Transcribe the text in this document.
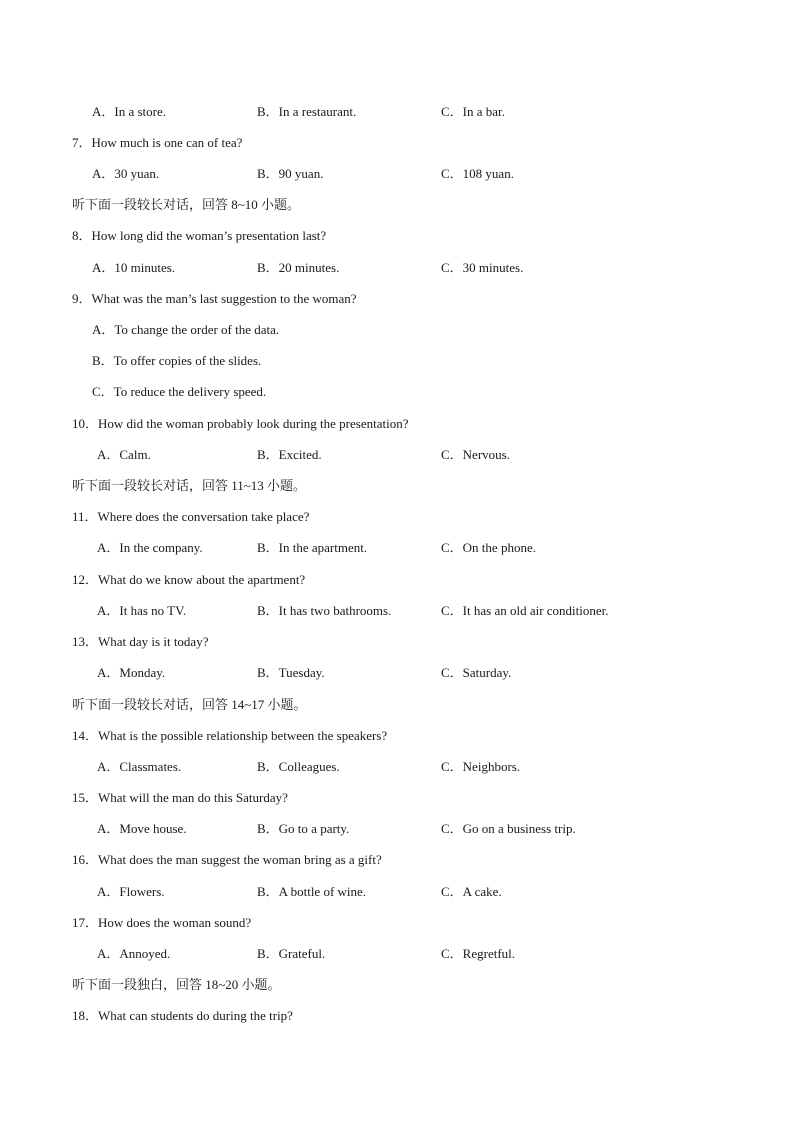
A．In a store.	B．In a restaurant.	C．In a bar.
7．How much is one can of tea?
A．30 yuan.	B．90 yuan.	C．108 yuan.
听下面一段较长对话，回答 8~10 小题。
8．How long did the woman’s presentation last?
A．10 minutes.	B．20 minutes.	C．30 minutes.
9．What was the man’s last suggestion to the woman?
A．To change the order of the data.
B．To offer copies of the slides.
C．To reduce the delivery speed.
10．How did the woman probably look during the presentation?
A．Calm.	B．Excited.	C．Nervous.
听下面一段较长对话，回答 11~13 小题。
11．Where does the conversation take place?
A．In the company.	B．In the apartment.	C．On the phone.
12．What do we know about the apartment?
A．It has no TV.	B．It has two bathrooms.	C．It has an old air conditioner.
13．What day is it today?
A．Monday.	B．Tuesday.	C．Saturday.
听下面一段较长对话，回答 14~17 小题。
14．What is the possible relationship between the speakers?
A．Classmates.	B．Colleagues.	C．Neighbors.
15．What will the man do this Saturday?
A．Move house.	B．Go to a party.	C．Go on a business trip.
16．What does the man suggest the woman bring as a gift?
A．Flowers.	B．A bottle of wine.	C．A cake.
17．How does the woman sound?
A．Annoyed.	B．Grateful.	C．Regretful.
听下面一段独白，回答 18~20 小题。
18．What can students do during the trip?
